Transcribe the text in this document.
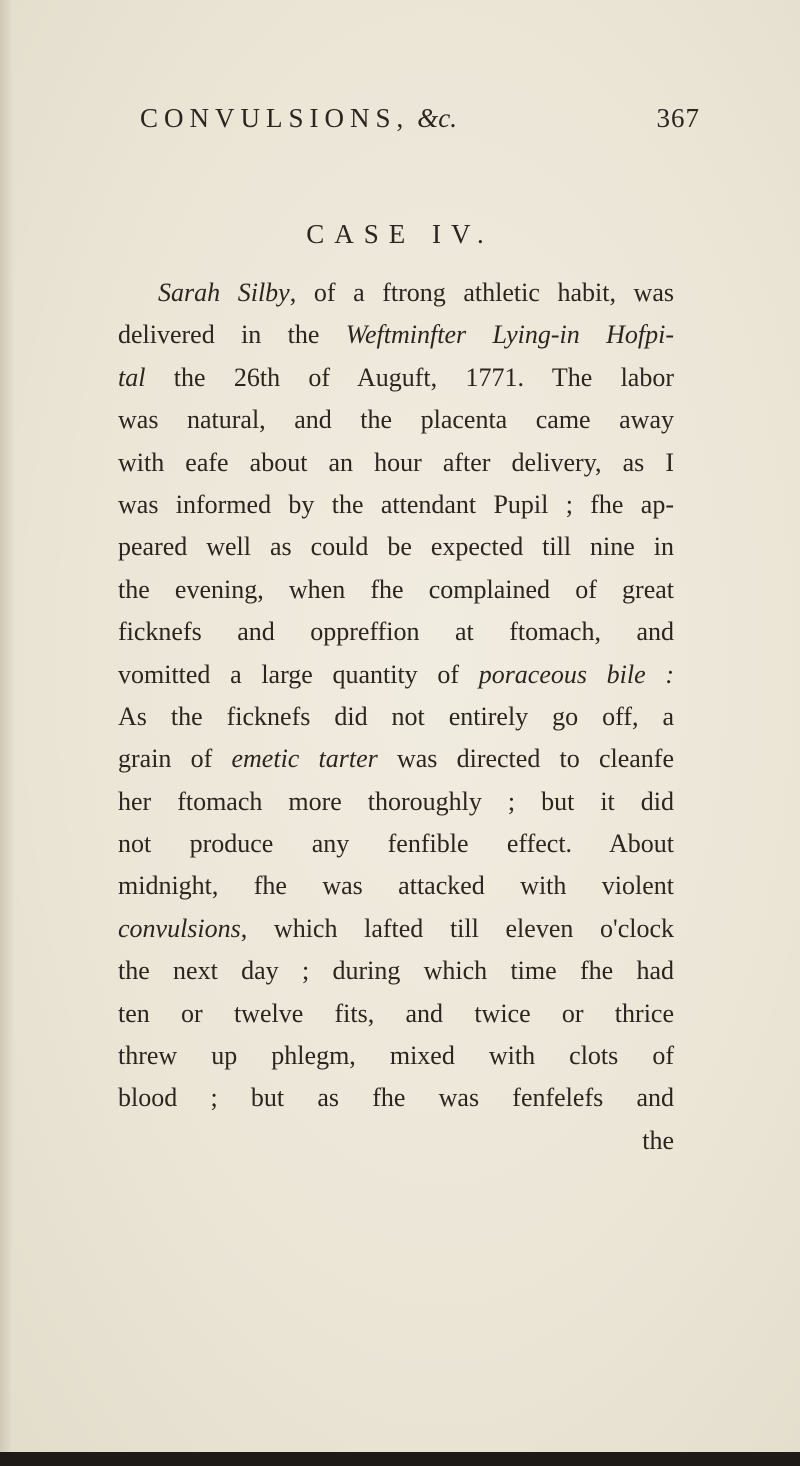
CONVULSIONS, &c.	367
CASE IV.
Sarah Silby, of a ftrong athletic habit, was
delivered in the Weftminfter Lying-in Hofpi-
tal the 26th of Auguft, 1771. The labor
was natural, and the placenta came away
with eafe about an hour after delivery, as I
was informed by the attendant Pupil ; fhe ap-
peared well as could be expected till nine in
the evening, when fhe complained of great
ficknefs and oppreffion at ftomach, and
vomitted a large quantity of poraceous bile :
As the ficknefs did not entirely go off, a
grain of emetic tarter was directed to cleanfe
her ftomach more thoroughly ; but it did
not produce any fenfible effect. About
midnight, fhe was attacked with violent
convulsions, which lafted till eleven o'clock
the next day ; during which time fhe had
ten or twelve fits, and twice or thrice
threw up phlegm, mixed with clots of
blood ; but as fhe was fenfelefs and
the
